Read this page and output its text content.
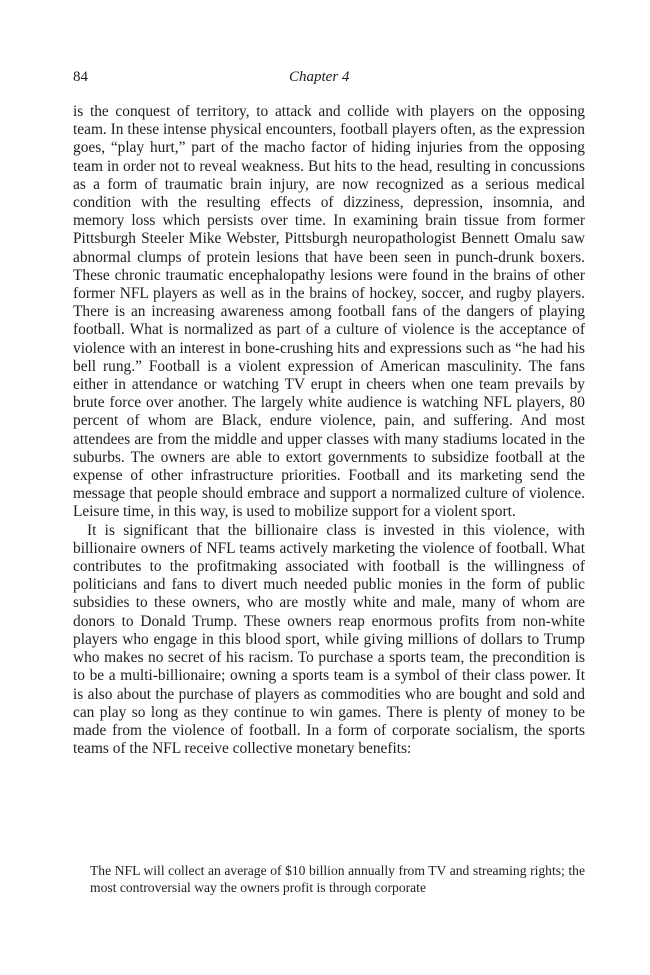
84	Chapter 4

is the conquest of territory, to attack and collide with players on the opposing team. In these intense physical encounters, football players often, as the expression goes, “play hurt,” part of the macho factor of hiding injuries from the opposing team in order not to reveal weakness. But hits to the head, resulting in concussions as a form of traumatic brain injury, are now recognized as a serious medical condition with the resulting effects of dizziness, depression, insomnia, and memory loss which persists over time. In examining brain tissue from former Pittsburgh Steeler Mike Webster, Pittsburgh neuropathologist Bennett Omalu saw abnormal clumps of protein lesions that have been seen in punch-drunk boxers. These chronic traumatic encephalopathy lesions were found in the brains of other former NFL players as well as in the brains of hockey, soccer, and rugby players. There is an increasing awareness among football fans of the dangers of playing football. What is normalized as part of a culture of violence is the acceptance of violence with an interest in bone-crushing hits and expressions such as “he had his bell rung.” Football is a violent expression of American masculinity. The fans either in attendance or watching TV erupt in cheers when one team prevails by brute force over another. The largely white audience is watching NFL players, 80 percent of whom are Black, endure violence, pain, and suffering. And most attendees are from the middle and upper classes with many stadiums located in the suburbs. The owners are able to extort governments to subsidize football at the expense of other infrastructure priorities. Football and its marketing send the message that people should embrace and support a normalized culture of violence. Leisure time, in this way, is used to mobilize support for a violent sport.

It is significant that the billionaire class is invested in this violence, with billionaire owners of NFL teams actively marketing the violence of football. What contributes to the profitmaking associated with football is the willingness of politicians and fans to divert much needed public monies in the form of public subsidies to these owners, who are mostly white and male, many of whom are donors to Donald Trump. These owners reap enormous profits from non-white players who engage in this blood sport, while giving millions of dollars to Trump who makes no secret of his racism. To purchase a sports team, the precondition is to be a multi-billionaire; owning a sports team is a symbol of their class power. It is also about the purchase of players as commodities who are bought and sold and can play so long as they continue to win games. There is plenty of money to be made from the violence of football. In a form of corporate socialism, the sports teams of the NFL receive collective monetary benefits:

The NFL will collect an average of $10 billion annually from TV and streaming rights; the most controversial way the owners profit is through corporate
